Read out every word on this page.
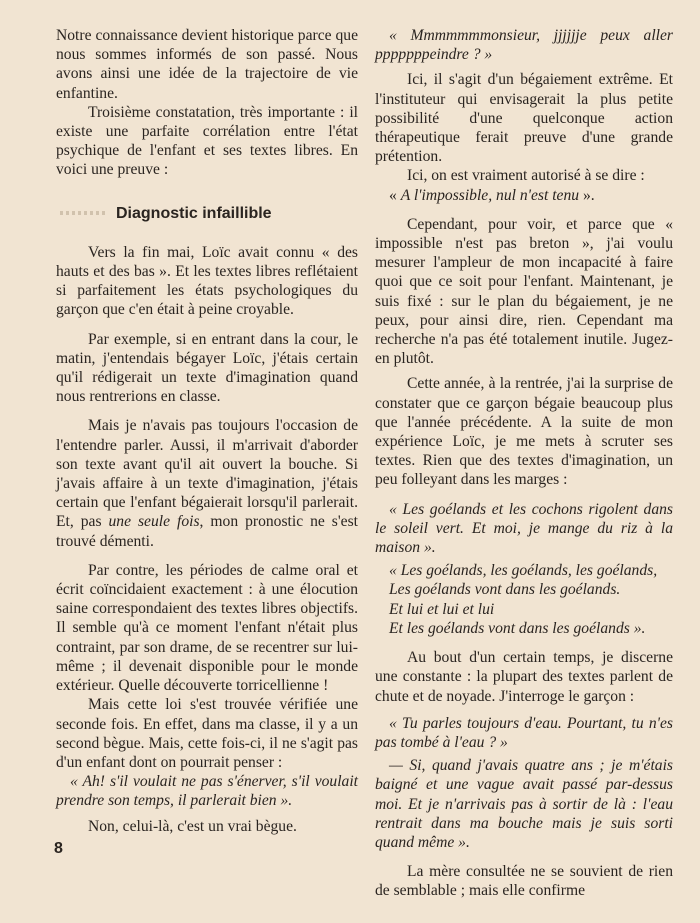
Notre connaissance devient historique parce que nous sommes informés de son passé. Nous avons ainsi une idée de la trajectoire de vie enfantine.

Troisième constatation, très importante : il existe une parfaite corrélation entre l'état psychique de l'enfant et ses textes libres. En voici une preuve :

Diagnostic infaillible

Vers la fin mai, Loïc avait connu « des hauts et des bas ». Et les textes libres reflétaient si parfaitement les états psychologiques du garçon que c'en était à peine croyable.

Par exemple, si en entrant dans la cour, le matin, j'entendais bégayer Loïc, j'étais certain qu'il rédigerait un texte d'imagination quand nous rentrerions en classe.

Mais je n'avais pas toujours l'occasion de l'entendre parler. Aussi, il m'arrivait d'aborder son texte avant qu'il ait ouvert la bouche. Si j'avais affaire à un texte d'imagination, j'étais certain que l'enfant bégaierait lorsqu'il parlerait. Et, pas une seule fois, mon pronostic ne s'est trouvé démenti.

Par contre, les périodes de calme oral et écrit coïncidaient exactement : à une élocution saine correspondaient des textes libres objectifs. Il semble qu'à ce moment l'enfant n'était plus contraint, par son drame, de se recentrer sur lui-même ; il devenait disponible pour le monde extérieur. Quelle découverte torricellienne !

Mais cette loi s'est trouvée vérifiée une seconde fois. En effet, dans ma classe, il y a un second bègue. Mais, cette fois-ci, il ne s'agit pas d'un enfant dont on pourrait penser :

« Ah! s'il voulait ne pas s'énerver, s'il voulait prendre son temps, il parlerait bien ».

Non, celui-là, c'est un vrai bègue.

« Mmmmmmmonsieur, jjjjjje peux aller pppppppeindre ? »

Ici, il s'agit d'un bégaiement extrême. Et l'instituteur qui envisagerait la plus petite possibilité d'une quelconque action thérapeutique ferait preuve d'une grande prétention.

Ici, on est vraiment autorisé à se dire :

« A l'impossible, nul n'est tenu ».

Cependant, pour voir, et parce que « impossible n'est pas breton », j'ai voulu mesurer l'ampleur de mon incapacité à faire quoi que ce soit pour l'enfant. Maintenant, je suis fixé : sur le plan du bégaiement, je ne peux, pour ainsi dire, rien. Cependant ma recherche n'a pas été totalement inutile. Jugez-en plutôt.

Cette année, à la rentrée, j'ai la surprise de constater que ce garçon bégaie beaucoup plus que l'année précédente. A la suite de mon expérience Loïc, je me mets à scruter ses textes. Rien que des textes d'imagination, un peu folleyant dans les marges :

« Les goélands et les cochons rigolent dans le soleil vert. Et moi, je mange du riz à la maison ».

« Les goélands, les goélands, les goélands,
Les goélands vont dans les goélands.
Et lui et lui et lui
Et les goélands vont dans les goélands ».

Au bout d'un certain temps, je discerne une constante : la plupart des textes parlent de chute et de noyade. J'interroge le garçon :

« Tu parles toujours d'eau. Pourtant, tu n'es pas tombé à l'eau ? »

— Si, quand j'avais quatre ans ; je m'étais baigné et une vague avait passé par-dessus moi. Et je n'arrivais pas à sortir de là : l'eau rentrait dans ma bouche mais je suis sorti quand même ».

La mère consultée ne se souvient de rien de semblable ; mais elle confirme

8
